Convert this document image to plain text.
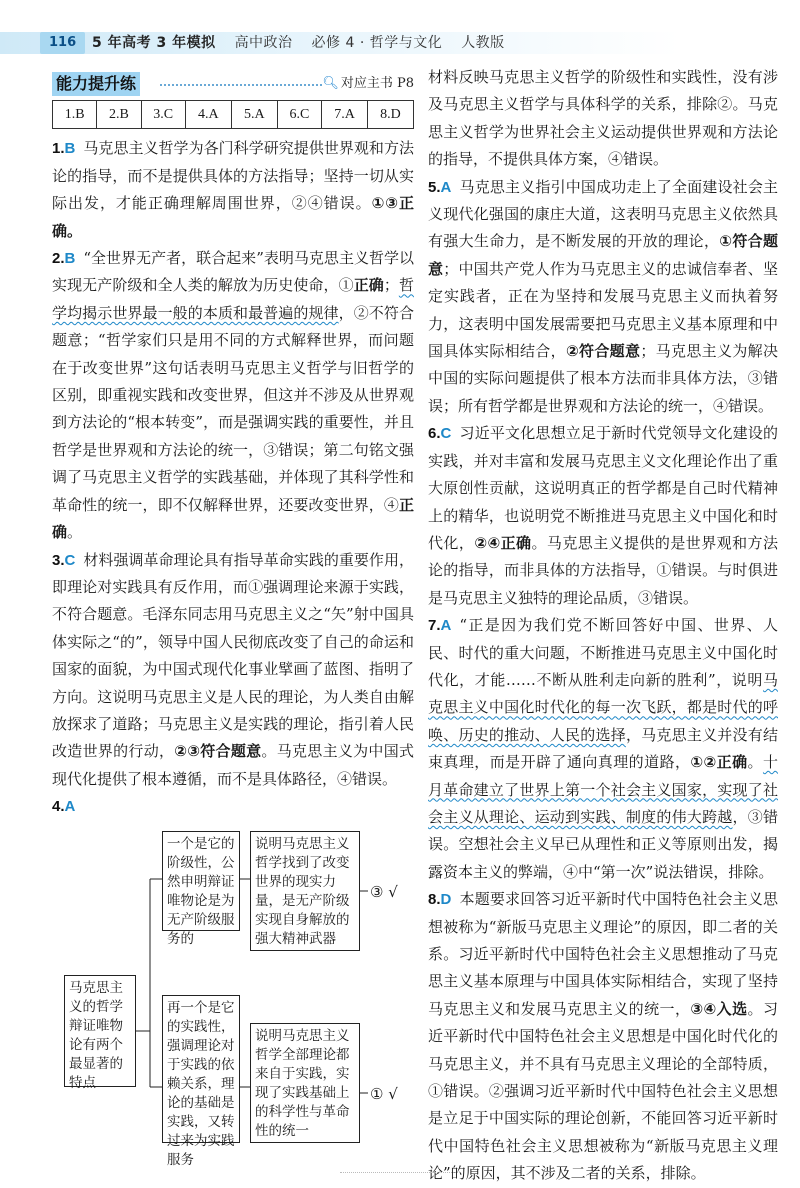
116	5 年高考 3 年模拟 高中政治 必修 4 · 哲学与文化 人教版
能力提升练	🔍︎ 对应主书 P8
1.B	2.B	3.C	4.A	5.A	6.C	7.A	8.D

1.B 马克思主义哲学为各门科学研究提供世界观和方法论的指导，而不是提供具体的方法指导；坚持一切从实际出发，才能正确理解周围世界，②④错误。①③正确。

2.B “全世界无产者，联合起来”表明马克思主义哲学以实现无产阶级和全人类的解放为历史使命，①正确；哲学均揭示世界最一般的本质和最普遍的规律，②不符合题意；“哲学家们只是用不同的方式解释世界，而问题在于改变世界”这句话表明马克思主义哲学与旧哲学的区别，即重视实践和改变世界，但这并不涉及从世界观到方法论的“根本转变”，而是强调实践的重要性，并且哲学是世界观和方法论的统一，③错误；第二句铭文强调了马克思主义哲学的实践基础，并体现了其科学性和革命性的统一，即不仅解释世界，还要改变世界，④正确。

3.C 材料强调革命理论具有指导革命实践的重要作用，即理论对实践具有反作用，而①强调理论来源于实践，不符合题意。毛泽东同志用马克思主义之“矢”射中国具体实际之“的”，领导中国人民彻底改变了自己的命运和国家的面貌，为中国式现代化事业擘画了蓝图、指明了方向。这说明马克思主义是人民的理论，为人类自由解放探求了道路；马克思主义是实践的理论，指引着人民改造世界的行动，②③符合题意。马克思主义为中国式现代化提供了根本遵循，而不是具体路径，④错误。

4.A

马克思主义的哲学辩证唯物论有两个最显著的特点
一个是它的阶级性，公然申明辩证唯物论是为无产阶级服务的
说明马克思主义哲学找到了改变世界的现实力量，是无产阶级实现自身解放的强大精神武器
③ √
再一个是它的实践性，强调理论对于实践的依赖关系，理论的基础是实践，又转过来为实践服务
说明马克思主义哲学全部理论都来自于实践，实现了实践基础上的科学性与革命性的统一
① √

材料反映马克思主义哲学的阶级性和实践性，没有涉及马克思主义哲学与具体科学的关系，排除②。马克思主义哲学为世界社会主义运动提供世界观和方法论的指导，不提供具体方案，④错误。

5.A 马克思主义指引中国成功走上了全面建设社会主义现代化强国的康庄大道，这表明马克思主义依然具有强大生命力，是不断发展的开放的理论，①符合题意；中国共产党人作为马克思主义的忠诚信奉者、坚定实践者，正在为坚持和发展马克思主义而执着努力，这表明中国发展需要把马克思主义基本原理和中国具体实际相结合，②符合题意；马克思主义为解决中国的实际问题提供了根本方法而非具体方法，③错误；所有哲学都是世界观和方法论的统一，④错误。

6.C 习近平文化思想立足于新时代党领导文化建设的实践，并对丰富和发展马克思主义文化理论作出了重大原创性贡献，这说明真正的哲学都是自己时代精神上的精华，也说明党不断推进马克思主义中国化和时代化，②④正确。马克思主义提供的是世界观和方法论的指导，而非具体的方法指导，①错误。与时俱进是马克思主义独特的理论品质，③错误。

7.A “正是因为我们党不断回答好中国、世界、人民、时代的重大问题，不断推进马克思主义中国化时代化，才能……不断从胜利走向新的胜利”，说明马克思主义中国化时代化的每一次飞跃，都是时代的呼唤、历史的推动、人民的选择，马克思主义并没有结束真理，而是开辟了通向真理的道路，①②正确。十月革命建立了世界上第一个社会主义国家，实现了社会主义从理论、运动到实践、制度的伟大跨越，③错误。空想社会主义早已从理性和正义等原则出发，揭露资本主义的弊端，④中“第一次”说法错误，排除。

8.D 本题要求回答习近平新时代中国特色社会主义思想被称为“新版马克思主义理论”的原因，即二者的关系。习近平新时代中国特色社会主义思想推动了马克思主义基本原理与中国具体实际相结合，实现了坚持马克思主义和发展马克思主义的统一，③④入选。习近平新时代中国特色社会主义思想是中国化时代化的马克思主义，并不具有马克思主义理论的全部特质，①错误。②强调习近平新时代中国特色社会主义思想是立足于中国实际的理论创新，不能回答习近平新时代中国特色社会主义思想被称为“新版马克思主义理论”的原因，其不涉及二者的关系，排除。
